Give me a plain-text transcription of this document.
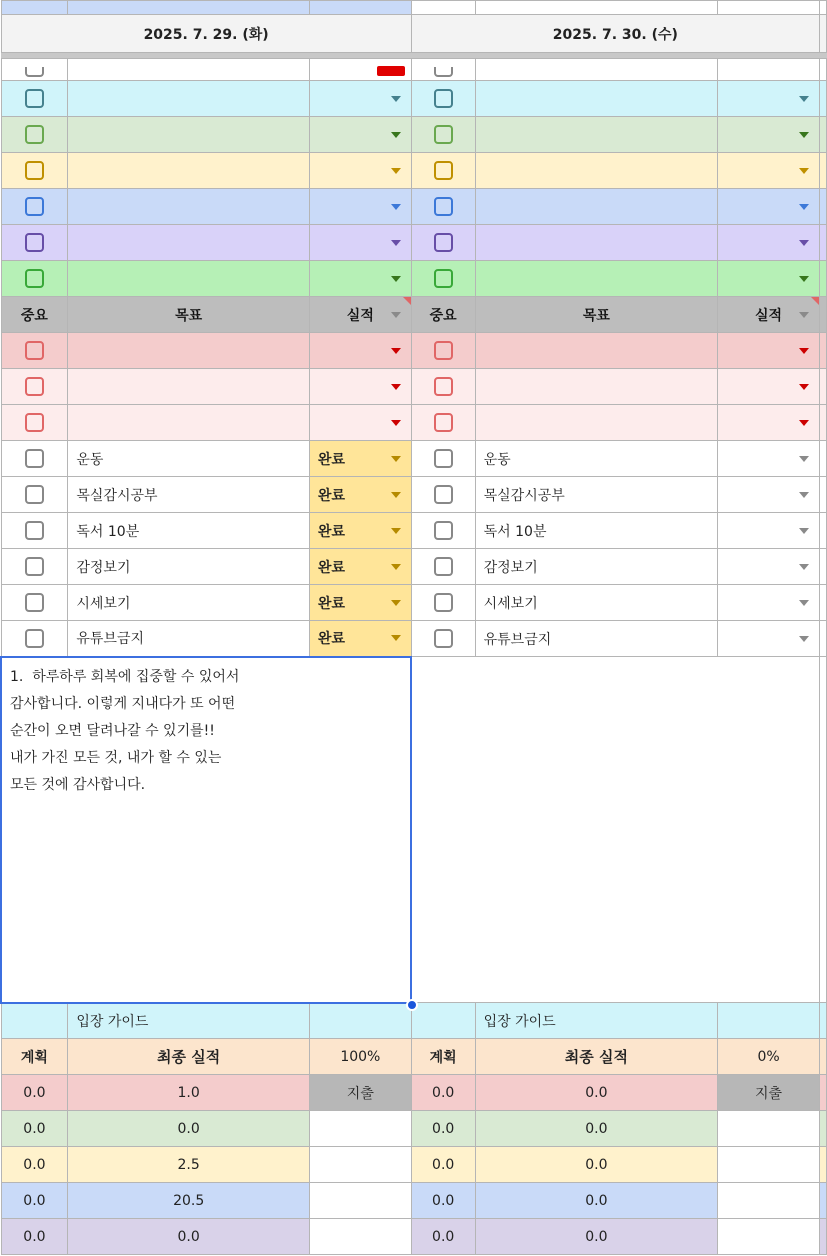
2025. 7. 29. (화)			2025. 7. 30. (수)			

중요	목표	실적	중요	목표	실적

	운동	완료		운동	

	목실감시공부	완료		목실감시공부	

	독서 10분	완료		독서 10분	

	감정보기	완료		감정보기	

	시세보기	완료		시세보기	

	유튜브금지	완료		유튜브금지	

1.  하루하루 회복에 집중할 수 있어서
감사합니다. 이렇게 지내다가 또 어떤
순간이 오면 달려나갈 수 있기를!!
내가 가진 모든 것, 내가 할 수 있는
모든 것에 감사합니다.						
	입장 가이드			입장 가이드		
계획	최종 실적	100%	계획	최종 실적	0%	
0.0	1.0	지출	0.0	0.0	지출	
0.0	0.0		0.0	0.0		
0.0	2.5		0.0	0.0		
0.0	20.5		0.0	0.0		
0.0	0.0		0.0	0.0		
